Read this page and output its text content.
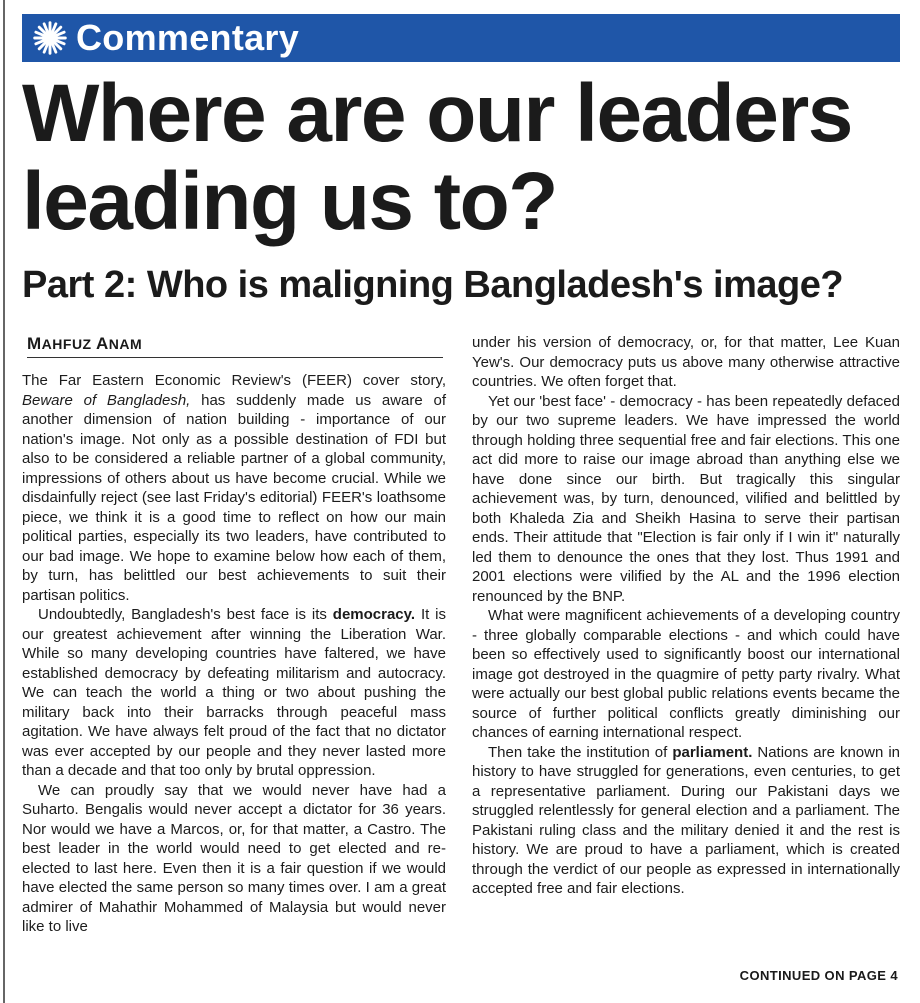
Commentary
Where are our leaders leading us to?
Part 2: Who is maligning Bangladesh's image?
MAHFUZ ANAM

The Far Eastern Economic Review's (FEER) cover story, Beware of Bangladesh, has suddenly made us aware of another dimension of nation building - importance of our nation's image. Not only as a possible destination of FDI but also to be considered a reliable partner of a global community, impressions of others about us have become crucial. While we disdainfully reject (see last Friday's editorial) FEER's loathsome piece, we think it is a good time to reflect on how our main political parties, especially its two leaders, have contributed to our bad image. We hope to examine below how each of them, by turn, has belittled our best achievements to suit their partisan politics.

Undoubtedly, Bangladesh's best face is its democracy. It is our greatest achievement after winning the Liberation War. While so many developing countries have faltered, we have established democracy by defeating militarism and autocracy. We can teach the world a thing or two about pushing the military back into their barracks through peaceful mass agitation. We have always felt proud of the fact that no dictator was ever accepted by our people and they never lasted more than a decade and that too only by brutal oppression.

We can proudly say that we would never have had a Suharto. Bengalis would never accept a dictator for 36 years. Nor would we have a Marcos, or, for that matter, a Castro. The best leader in the world would need to get elected and re-elected to last here. Even then it is a fair question if we would have elected the same person so many times over. I am a great admirer of Mahathir Mohammed of Malaysia but would never like to live

under his version of democracy, or, for that matter, Lee Kuan Yew's. Our democracy puts us above many otherwise attractive countries. We often forget that.

Yet our 'best face' - democracy - has been repeatedly defaced by our two supreme leaders. We have impressed the world through holding three sequential free and fair elections. This one act did more to raise our image abroad than anything else we have done since our birth. But tragically this singular achievement was, by turn, denounced, vilified and belittled by both Khaleda Zia and Sheikh Hasina to serve their partisan ends. Their attitude that "Election is fair only if I win it" naturally led them to denounce the ones that they lost. Thus 1991 and 2001 elections were vilified by the AL and the 1996 election renounced by the BNP.

What were magnificent achievements of a developing country - three globally comparable elections - and which could have been so effectively used to significantly boost our international image got destroyed in the quagmire of petty party rivalry. What were actually our best global public relations events became the source of further political conflicts greatly diminishing our chances of earning international respect.

Then take the institution of parliament. Nations are known in history to have struggled for generations, even centuries, to get a representative parliament. During our Pakistani days we struggled relentlessly for general election and a parliament. The Pakistani ruling class and the military denied it and the rest is history. We are proud to have a parliament, which is created through the verdict of our people as expressed in internationally accepted free and fair elections.

CONTINUED ON PAGE 4
